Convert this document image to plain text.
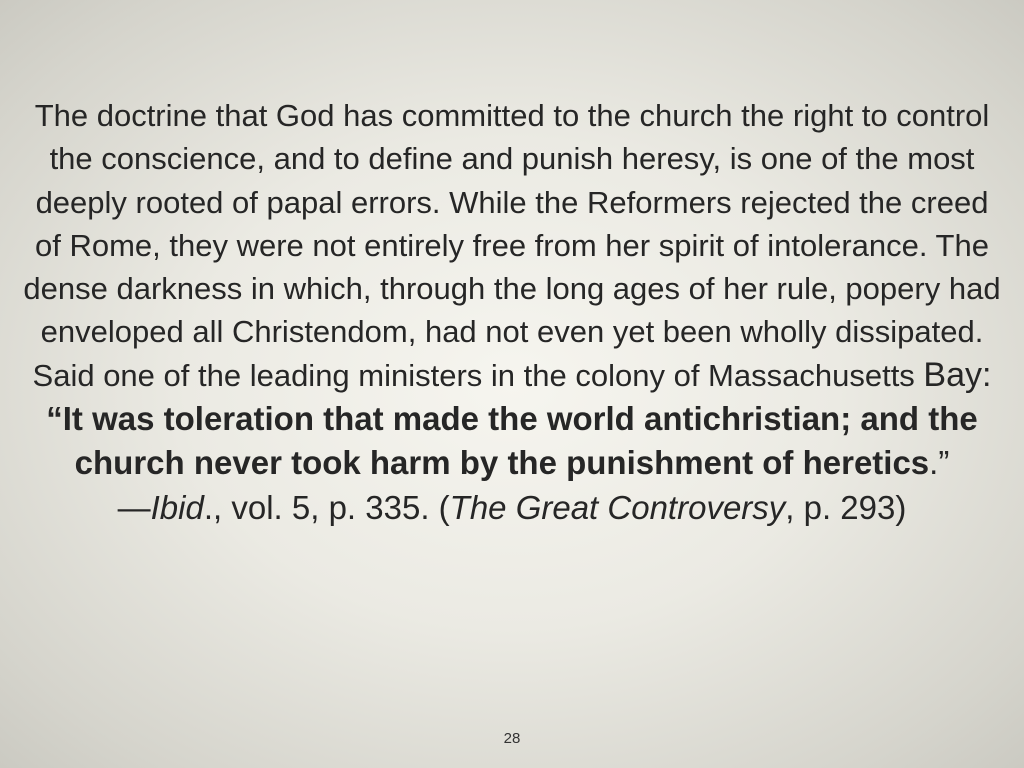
The doctrine that God has committed to the church the right to control the conscience, and to define and punish heresy, is one of the most deeply rooted of papal errors. While the Reformers rejected the creed of Rome, they were not entirely free from her spirit of intolerance. The dense darkness in which, through the long ages of her rule, popery had enveloped all Christendom, had not even yet been wholly dissipated. Said one of the leading ministers in the colony of Massachusetts Bay: “It was toleration that made the world antichristian; and the church never took harm by the punishment of heretics.”
—Ibid., vol. 5, p. 335. (The Great Controversy, p. 293)

28
